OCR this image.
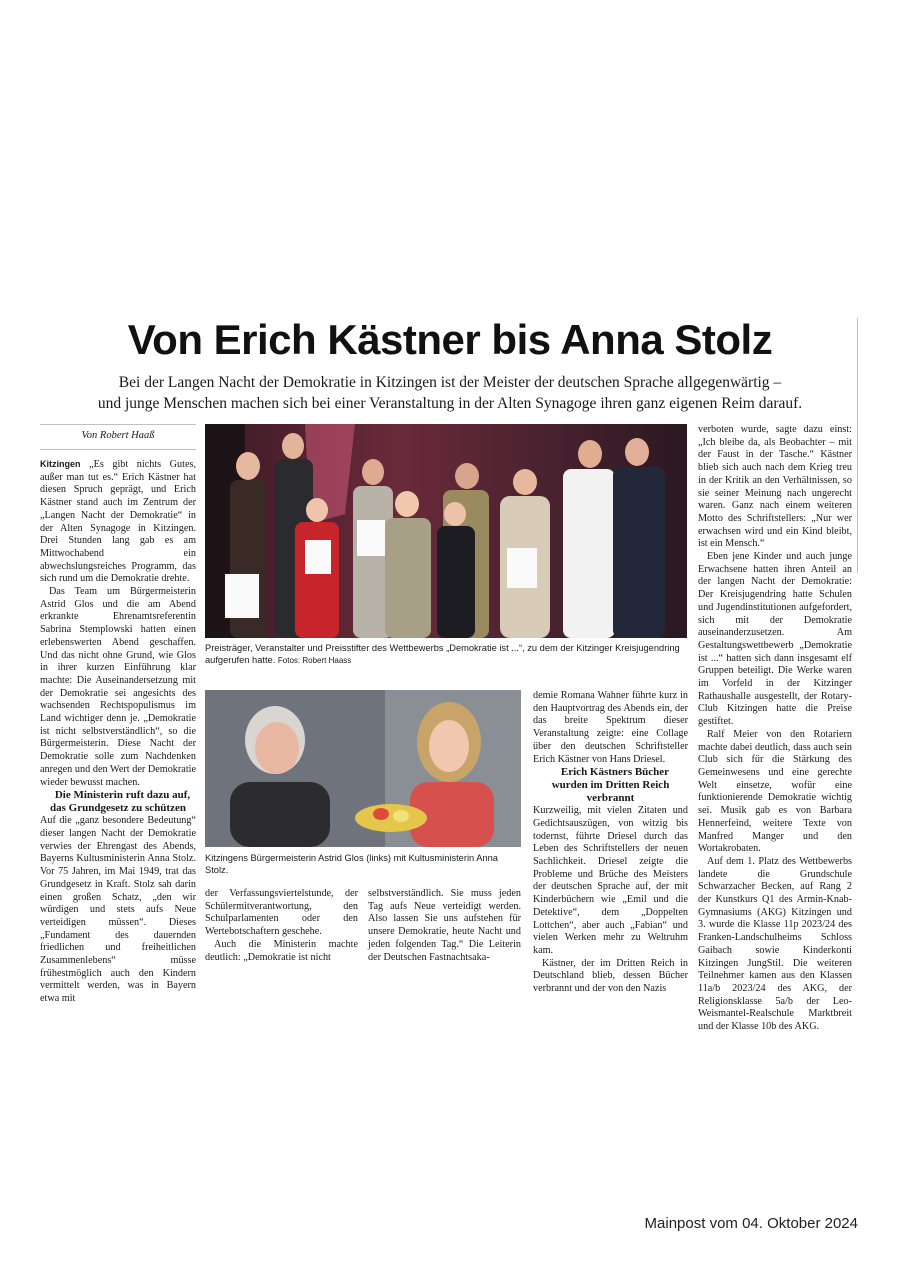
Von Erich Kästner bis Anna Stolz
Bei der Langen Nacht der Demokratie in Kitzingen ist der Meister der deutschen Sprache allgegenwärtig –
und junge Menschen machen sich bei einer Veranstaltung in der Alten Synagoge ihren ganz eigenen Reim darauf.
Von Robert Haaß

Kitzingen „Es gibt nichts Gutes, außer man tut es.“ Erich Kästner hat diesen Spruch geprägt, und Erich Kästner stand auch im Zentrum der „Langen Nacht der Demokratie“ in der Alten Synagoge in Kitzingen. Drei Stunden lang gab es am Mittwochabend ein abwechslungsreiches Programm, das sich rund um die Demokratie drehte.

Das Team um Bürgermeisterin Astrid Glos und die am Abend erkrankte Ehrenamtsreferentin Sabrina Stemplowski hatten einen erlebenswerten Abend geschaffen. Und das nicht ohne Grund, wie Glos in ihrer kurzen Einführung klar machte: Die Auseinandersetzung mit der Demokratie sei angesichts des wachsenden Rechtspopulismus im Land wichtiger denn je. „Demokratie ist nicht selbstverständlich“, so die Bürgermeisterin. Diese Nacht der Demokratie solle zum Nachdenken anregen und den Wert der Demokratie wieder bewusst machen.

Die Ministerin ruft dazu auf, das Grundgesetz zu schützen

Auf die „ganz besondere Bedeutung“ dieser langen Nacht der Demokratie verwies der Ehrengast des Abends, Bayerns Kultusministerin Anna Stolz. Vor 75 Jahren, im Mai 1949, trat das Grundgesetz in Kraft. Stolz sah darin einen großen Schatz, „den wir würdigen und stets aufs Neue verteidigen müssen“. Dieses „Fundament des dauernden friedlichen und freiheitlichen Zusammenlebens“ müsse frühestmöglich auch den Kindern vermittelt werden, was in Bayern etwa mit

Preisträger, Veranstalter und Preisstifter des Wettbewerbs „Demokratie ist ...“, zu dem der Kitzinger Kreisjugendring aufgerufen hatte. Fotos: Robert Haass
Kitzingens Bürgermeisterin Astrid Glos (links) mit Kultusministerin Anna Stolz.

der Verfassungsviertelstunde, der Schülermitverantwortung, den Schulparlamenten oder den Wertebotschaftern geschehe.

Auch die Ministerin machte deutlich: „Demokratie ist nicht

selbstverständlich. Sie muss jeden Tag aufs Neue verteidigt werden. Also lassen Sie uns aufstehen für unsere Demokratie, heute Nacht und jeden folgenden Tag.“ Die Leiterin der Deutschen Fastnachtsaka-

demie Romana Wahner führte kurz in den Hauptvortrag des Abends ein, der das breite Spektrum dieser Veranstaltung zeigte: eine Collage über den deutschen Schriftsteller Erich Kästner von Hans Driesel.

Erich Kästners Bücher wurden im Dritten Reich verbrannt

Kurzweilig, mit vielen Zitaten und Gedichtsauszügen, von witzig bis todernst, führte Driesel durch das Leben des Schriftstellers der neuen Sachlichkeit. Driesel zeigte die Probleme und Brüche des Meisters der deutschen Sprache auf, der mit Kinderbüchern wie „Emil und die Detektive“, dem „Doppelten Lottchen“, aber auch „Fabian“ und vielen Werken mehr zu Weltruhm kam.

Kästner, der im Dritten Reich in Deutschland blieb, dessen Bücher verbrannt und der von den Nazis

verboten wurde, sagte dazu einst: „Ich bleibe da, als Beobachter – mit der Faust in der Tasche.“ Kästner blieb sich auch nach dem Krieg treu in der Kritik an den Verhältnissen, so sie seiner Meinung nach ungerecht waren. Ganz nach einem weiteren Motto des Schriftstellers: „Nur wer erwachsen wird und ein Kind bleibt, ist ein Mensch.“

Eben jene Kinder und auch junge Erwachsene hatten ihren Anteil an der langen Nacht der Demokratie: Der Kreisjugendring hatte Schulen und Jugendinstitutionen aufgefordert, sich mit der Demokratie auseinanderzusetzen. Am Gestaltungswettbewerb „Demokratie ist ...“ hatten sich dann insgesamt elf Gruppen beteiligt. Die Werke waren im Vorfeld in der Kitzinger Rathaushalle ausgestellt, der Rotary-Club Kitzingen hatte die Preise gestiftet.

Ralf Meier von den Rotariern machte dabei deutlich, dass auch sein Club sich für die Stärkung des Gemeinwesens und eine gerechte Welt einsetze, wofür eine funktionierende Demokratie wichtig sei. Musik gab es von Barbara Hennerfeind, weitere Texte von Manfred Manger und den Wortakrobaten.

Auf dem 1. Platz des Wettbewerbs landete die Grundschule Schwarzacher Becken, auf Rang 2 der Kunstkurs Q1 des Armin-Knab-Gymnasiums (AKG) Kitzingen und 3. wurde die Klasse 11p 2023/24 des Franken-Landschulheims Schloss Gaibach sowie Kinderkonti Kitzingen JungStil. Die weiteren Teilnehmer kamen aus den Klassen 11a/b 2023/24 des AKG, der Religionsklasse 5a/b der Leo-Weismantel-Realschule Marktbreit und der Klasse 10b des AKG.

Mainpost vom 04. Oktober 2024
